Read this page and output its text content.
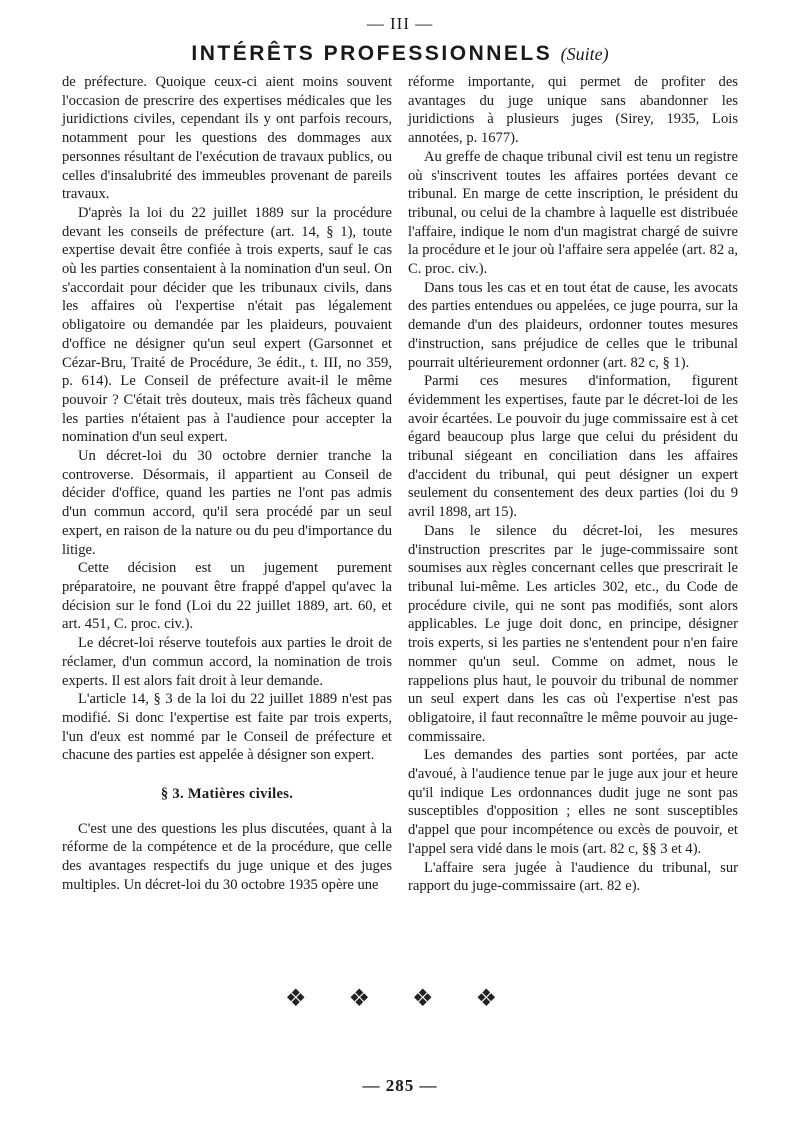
— III —
INTÉRÊTS PROFESSIONNELS (Suite)

de préfecture. Quoique ceux-ci aient moins souvent l'occasion de prescrire des expertises médicales que les juridictions civiles, cependant ils y ont parfois recours, notamment pour les questions des dommages aux personnes résultant de l'exécution de travaux publics, ou celles d'insalubrité des immeubles provenant de pareils travaux.

D'après la loi du 22 juillet 1889 sur la procédure devant les conseils de préfecture (art. 14, § 1), toute expertise devait être confiée à trois experts, sauf le cas où les parties consentaient à la nomination d'un seul. On s'accordait pour décider que les tribunaux civils, dans les affaires où l'expertise n'était pas légalement obligatoire ou demandée par les plaideurs, pouvaient d'office ne désigner qu'un seul expert (Garsonnet et Cézar-Bru, Traité de Procédure, 3e édit., t. III, no 359, p. 614). Le Conseil de préfecture avait-il le même pouvoir ? C'était très douteux, mais très fâcheux quand les parties n'étaient pas à l'audience pour accepter la nomination d'un seul expert.

Un décret-loi du 30 octobre dernier tranche la controverse. Désormais, il appartient au Conseil de décider d'office, quand les parties ne l'ont pas admis d'un commun accord, qu'il sera procédé par un seul expert, en raison de la nature ou du peu d'importance du litige.

Cette décision est un jugement purement préparatoire, ne pouvant être frappé d'appel qu'avec la décision sur le fond (Loi du 22 juillet 1889, art. 60, et art. 451, C. proc. civ.).

Le décret-loi réserve toutefois aux parties le droit de réclamer, d'un commun accord, la nomination de trois experts. Il est alors fait droit à leur demande.

L'article 14, § 3 de la loi du 22 juillet 1889 n'est pas modifié. Si donc l'expertise est faite par trois experts, l'un d'eux est nommé par le Conseil de préfecture et chacune des parties est appelée à désigner son expert.

§ 3. Matières civiles.

C'est une des questions les plus discutées, quant à la réforme de la compétence et de la procédure, que celle des avantages respectifs du juge unique et des juges multiples. Un décret-loi du 30 octobre 1935 opère une

réforme importante, qui permet de profiter des avantages du juge unique sans abandonner les juridictions à plusieurs juges (Sirey, 1935, Lois annotées, p. 1677).

Au greffe de chaque tribunal civil est tenu un registre où s'inscrivent toutes les affaires portées devant ce tribunal. En marge de cette inscription, le président du tribunal, ou celui de la chambre à laquelle est distribuée l'affaire, indique le nom d'un magistrat chargé de suivre la procédure et le jour où l'affaire sera appelée (art. 82 a, C. proc. civ.).

Dans tous les cas et en tout état de cause, les avocats des parties entendues ou appelées, ce juge pourra, sur la demande d'un des plaideurs, ordonner toutes mesures d'instruction, sans préjudice de celles que le tribunal pourrait ultérieurement ordonner (art. 82 c, § 1).

Parmi ces mesures d'information, figurent évidemment les expertises, faute par le décret-loi de les avoir écartées. Le pouvoir du juge commissaire est à cet égard beaucoup plus large que celui du président du tribunal siégeant en conciliation dans les affaires d'accident du tribunal, qui peut désigner un expert seulement du consentement des deux parties (loi du 9 avril 1898, art 15).

Dans le silence du décret-loi, les mesures d'instruction prescrites par le juge-commissaire sont soumises aux règles concernant celles que prescrirait le tribunal lui-même. Les articles 302, etc., du Code de procédure civile, qui ne sont pas modifiés, sont alors applicables. Le juge doit donc, en principe, désigner trois experts, si les parties ne s'entendent pour n'en faire nommer qu'un seul. Comme on admet, nous le rappelions plus haut, le pouvoir du tribunal de nommer un seul expert dans les cas où l'expertise n'est pas obligatoire, il faut reconnaître le même pouvoir au juge-commissaire.

Les demandes des parties sont portées, par acte d'avoué, à l'audience tenue par le juge aux jour et heure qu'il indique Les ordonnances dudit juge ne sont pas susceptibles d'opposition ; elles ne sont susceptibles d'appel que pour incompétence ou excès de pouvoir, et l'appel sera vidé dans le mois (art. 82 c, §§ 3 et 4).

L'affaire sera jugée à l'audience du tribunal, sur rapport du juge-commissaire (art. 82 e).

❖ ❖ ❖ ❖
— 285 —
